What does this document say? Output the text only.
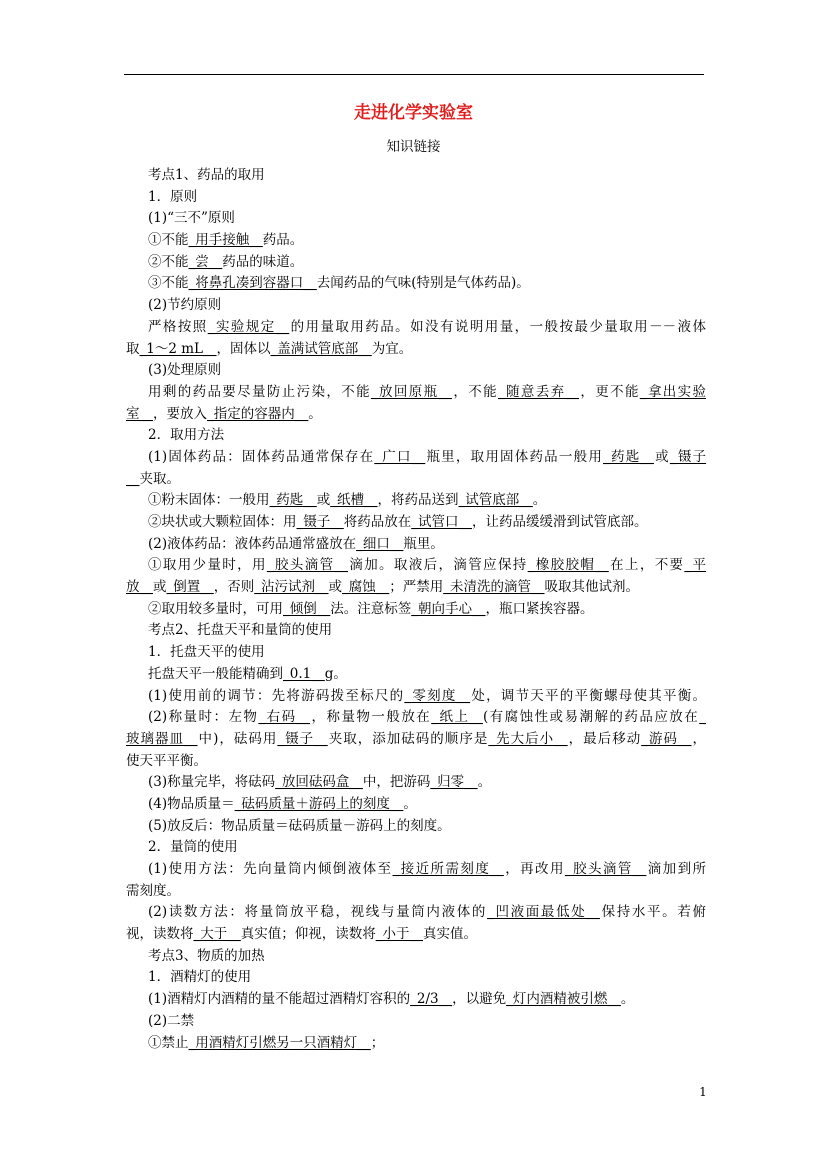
走进化学实验室
知识链接
考点1、药品的取用
1．原则
(1)“三不”原则
①不能_用手接触__药品。
②不能_尝__药品的味道。
③不能_将鼻孔凑到容器口__去闻药品的气味(特别是气体药品)。
(2)节约原则
严格按照_实验规定__的用量取用药品。如没有说明用量，一般按最少量取用－－液体
取_1～2 mL__，固体以_盖满试管底部__为宜。
(3)处理原则
用剩的药品要尽量防止污染，不能_放回原瓶__，不能_随意丢弃__，更不能_拿出实验
室__，要放入_指定的容器内__。
2．取用方法
(1)固体药品：固体药品通常保存在_广口__瓶里，取用固体药品一般用_药匙__或_镊子
__夹取。
①粉末固体：一般用_药匙__或_纸槽__，将药品送到_试管底部__。
②块状或大颗粒固体：用_镊子__将药品放在_试管口__，让药品缓缓滑到试管底部。
(2)液体药品：液体药品通常盛放在_细口__瓶里。
①取用少量时，用_胶头滴管__滴加。取液后，滴管应保持_橡胶胶帽__在上，不要_平
放__或_倒置__，否则_沾污试剂__或_腐蚀__；严禁用_未清洗的滴管__吸取其他试剂。
②取用较多量时，可用_倾倒__法。注意标签_朝向手心__，瓶口紧挨容器。
考点2、托盘天平和量筒的使用
1．托盘天平的使用
托盘天平一般能精确到_0.1__g。
(1)使用前的调节：先将游码拨至标尺的_零刻度__处，调节天平的平衡螺母使其平衡。
(2)称量时：左物_右码__，称量物一般放在_纸上__(有腐蚀性或易潮解的药品应放在_
玻璃器皿__中)，砝码用_镊子__夹取，添加砝码的顺序是_先大后小__，最后移动_游码__，
使天平平衡。
(3)称量完毕，将砝码_放回砝码盒__中，把游码_归零__。
(4)物品质量＝_砝码质量＋游码上的刻度__。
(5)放反后：物品质量＝砝码质量－游码上的刻度。
2．量筒的使用
(1)使用方法：先向量筒内倾倒液体至_接近所需刻度__，再改用_胶头滴管__滴加到所
需刻度。
(2)读数方法：将量筒放平稳，视线与量筒内液体的_凹液面最低处__保持水平。若俯
视，读数将_大于__真实值；仰视，读数将_小于__真实值。
考点3、物质的加热
1．酒精灯的使用
(1)酒精灯内酒精的量不能超过酒精灯容积的_2/3__，以避免_灯内酒精被引燃__。
(2)二禁
①禁止_用酒精灯引燃另一只酒精灯__；
1
